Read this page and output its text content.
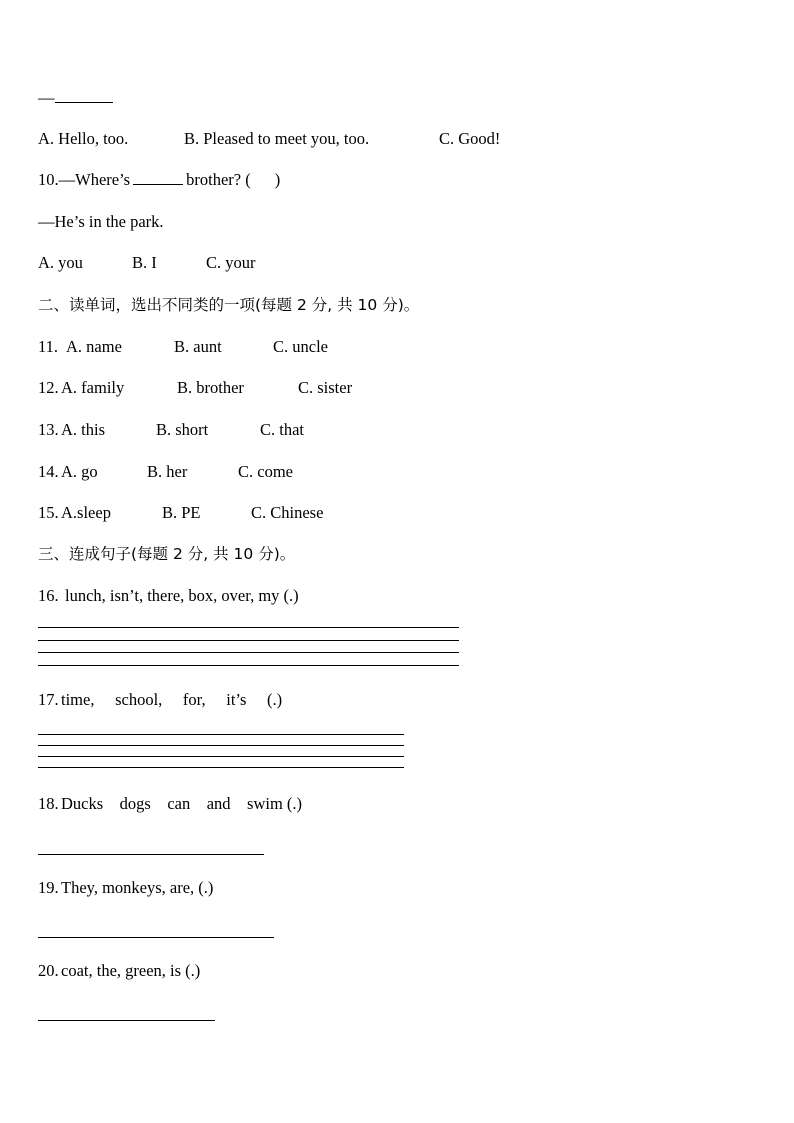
—
A. Hello, too.	B. Pleased to meet you, too.	C. Good!
10.—Where’s	brother? ( )
—He’s in the park.
A. you	B. I	C. your
二、读单词，选出不同类的一项(每题 2 分, 共 10 分)。
11. A. name	B. aunt	C. uncle
12. A. family	B. brother	C. sister
13. A. this	B. short	C. that
14. A. go	B. her	C. come
15. A.sleep	B. PE	C. Chinese
三、连成句子(每题 2 分, 共 10 分)。
16. lunch, isn’t, there, box, over, my (.)
17. time,     school,     for,     it’s     (.)
18. Ducks    dogs    can    and    swim (.)
19. They, monkeys, are, (.)
20. coat, the, green, is (.)
